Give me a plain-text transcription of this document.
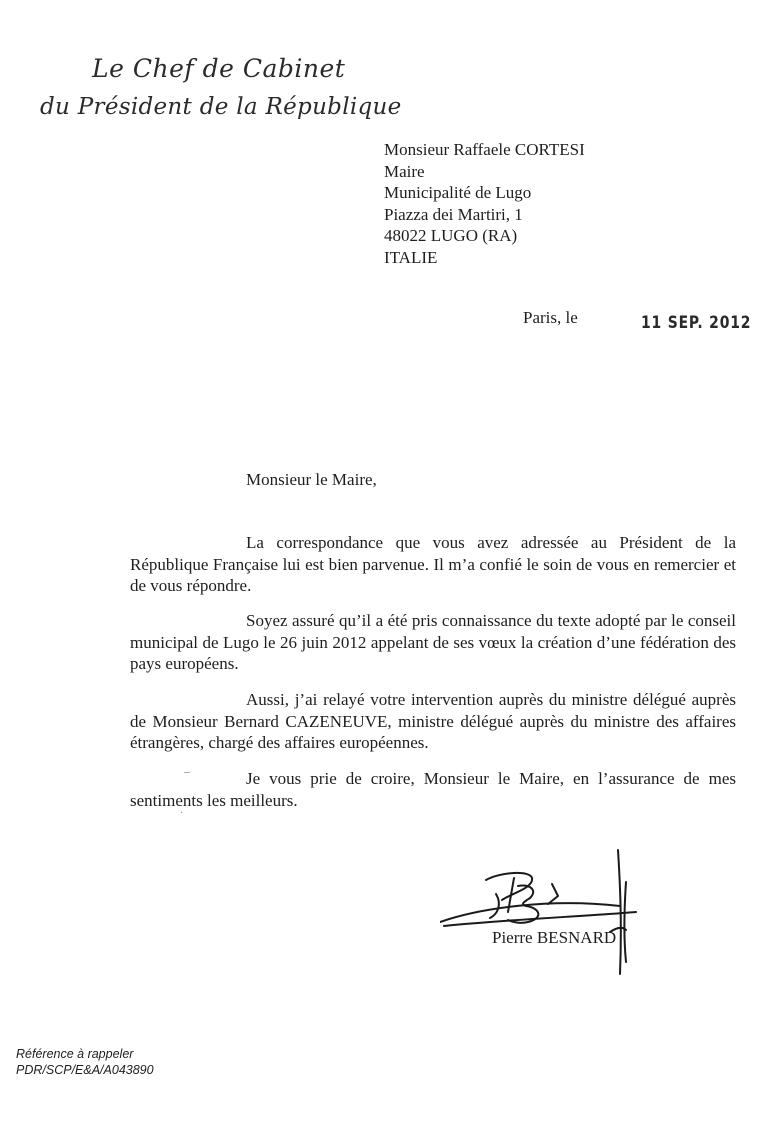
Le Chef de Cabinet
du Président de la République
Monsieur Raffaele CORTESI
Maire
Municipalité de Lugo
Piazza dei Martiri, 1
48022 LUGO (RA)
ITALIE
Paris, le	11 SEP. 2012
Monsieur le Maire,
La correspondance que vous avez adressée au Président de la République Française lui est bien parvenue. Il m’a confié le soin de vous en remercier et de vous répondre.
Soyez assuré qu’il a été pris connaissance du texte adopté par le conseil municipal de Lugo le 26 juin 2012 appelant de ses vœux la création d’une fédération des pays européens.
Aussi, j’ai relayé votre intervention auprès du ministre délégué auprès de Monsieur Bernard CAZENEUVE, ministre délégué auprès du ministre des affaires étrangères, chargé des affaires européennes.
Je vous prie de croire, Monsieur le Maire, en l’assurance de mes sentiments les meilleurs.
–
·
Pierre BESNARD
Référence à rappeler
PDR/SCP/E&A/A043890
